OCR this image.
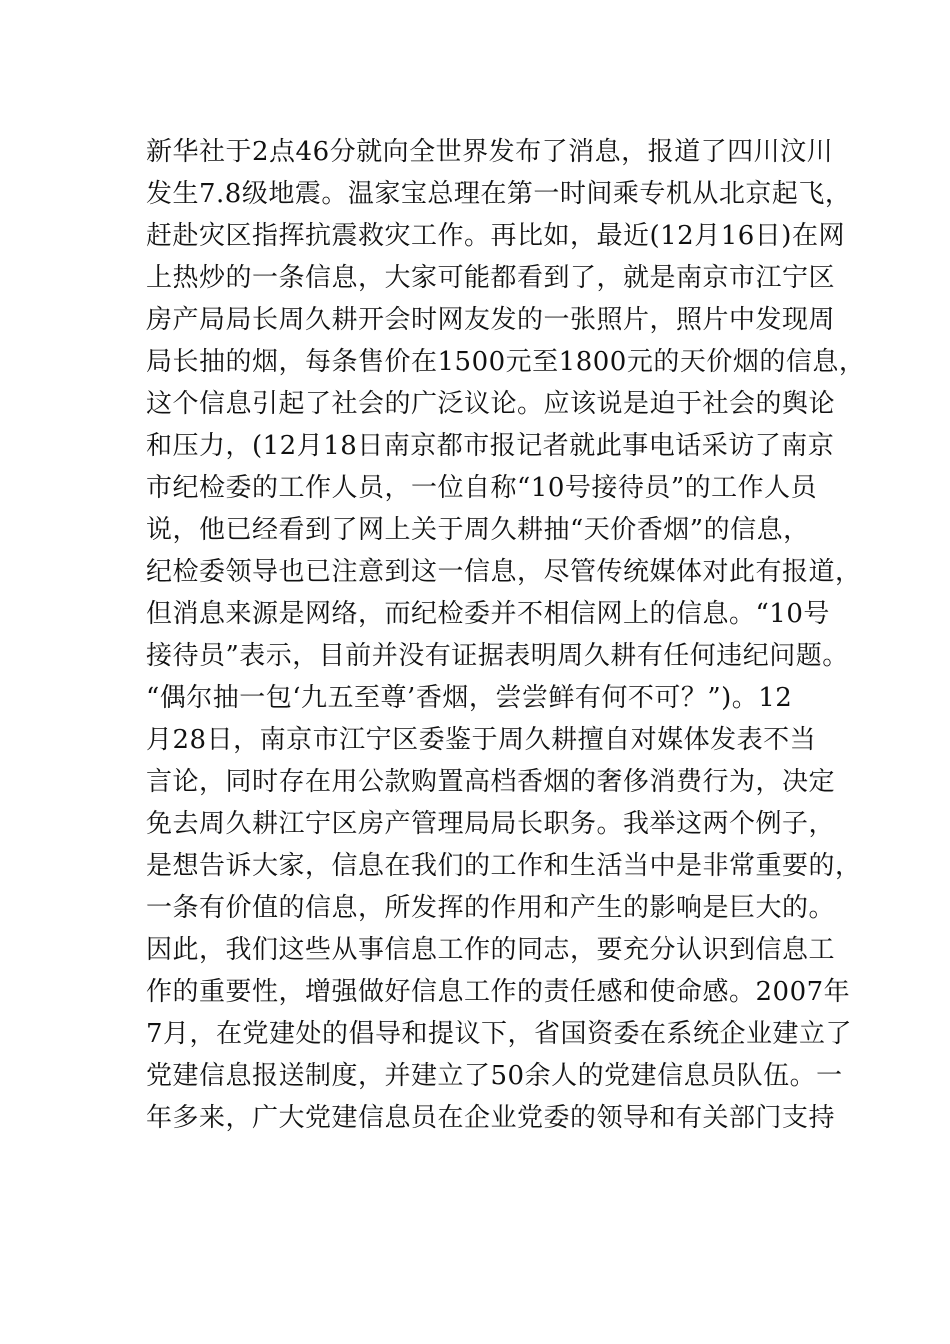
新华社于2点46分就向全世界发布了消息，报道了四川汶川
发生7.8级地震。温家宝总理在第一时间乘专机从北京起飞，
赶赴灾区指挥抗震救灾工作。再比如，最近(12月16日)在网
上热炒的一条信息，大家可能都看到了，就是南京市江宁区
房产局局长周久耕开会时网友发的一张照片，照片中发现周
局长抽的烟，每条售价在1500元至1800元的天价烟的信息，
这个信息引起了社会的广泛议论。应该说是迫于社会的舆论
和压力，(12月18日南京都市报记者就此事电话采访了南京
市纪检委的工作人员，一位自称“10号接待员”的工作人员
说，他已经看到了网上关于周久耕抽“天价香烟”的信息，
纪检委领导也已注意到这一信息，尽管传统媒体对此有报道，
但消息来源是网络，而纪检委并不相信网上的信息。“10号
接待员”表示，目前并没有证据表明周久耕有任何违纪问题。
“偶尔抽一包‘九五至尊’香烟，尝尝鲜有何不可？”)。12
月28日，南京市江宁区委鉴于周久耕擅自对媒体发表不当
言论，同时存在用公款购置高档香烟的奢侈消费行为，决定
免去周久耕江宁区房产管理局局长职务。我举这两个例子，
是想告诉大家，信息在我们的工作和生活当中是非常重要的，
一条有价值的信息，所发挥的作用和产生的影响是巨大的。
因此，我们这些从事信息工作的同志，要充分认识到信息工
作的重要性，增强做好信息工作的责任感和使命感。2007年
7月，在党建处的倡导和提议下，省国资委在系统企业建立了
党建信息报送制度，并建立了50余人的党建信息员队伍。一
年多来，广大党建信息员在企业党委的领导和有关部门支持
